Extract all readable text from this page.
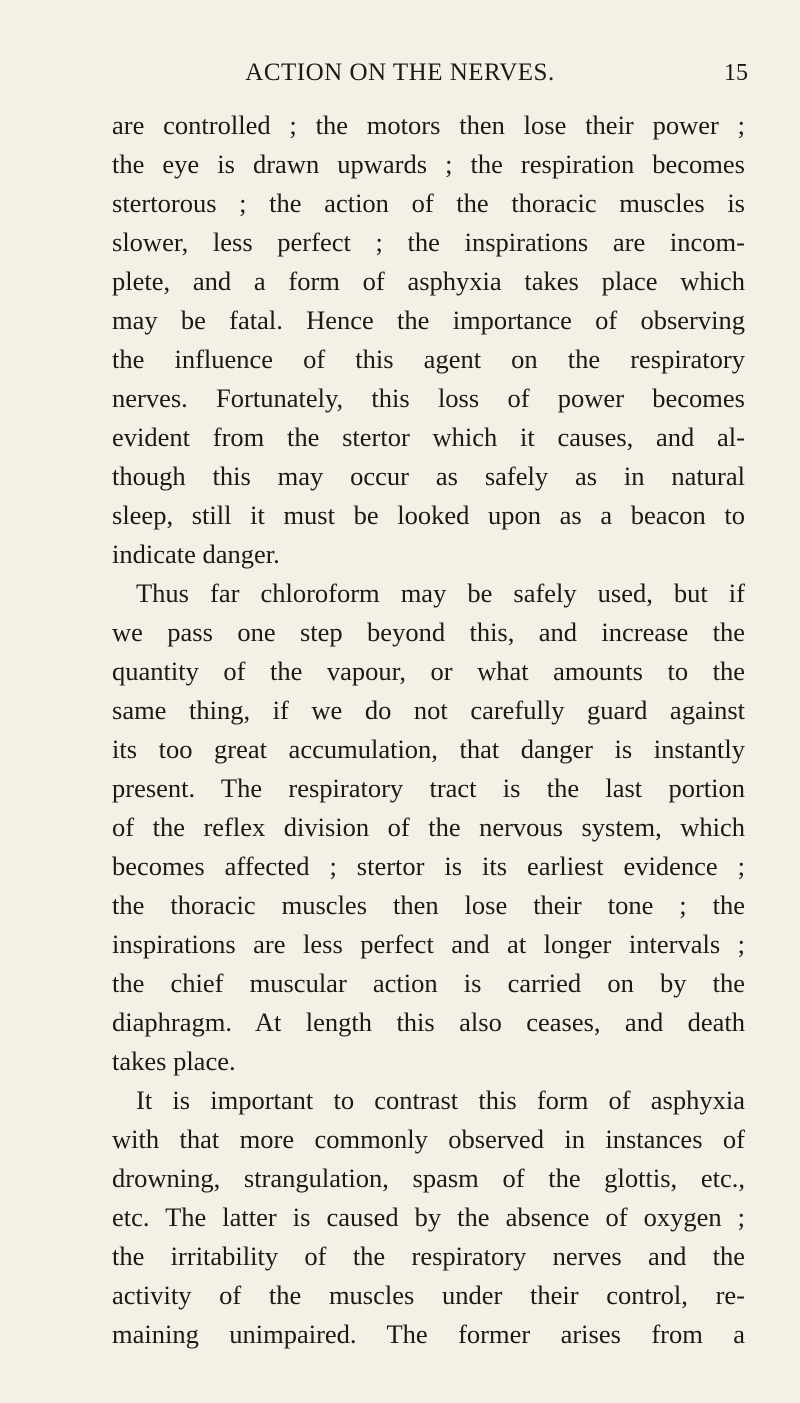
ACTION ON THE NERVES.	15
are controlled ; the motors then lose their power ;
the eye is drawn upwards ; the respiration becomes
stertorous ; the action of the thoracic muscles is
slower, less perfect ; the inspirations are incom-
plete, and a form of asphyxia takes place which
may be fatal. Hence the importance of observing
the influence of this agent on the respiratory
nerves. Fortunately, this loss of power becomes
evident from the stertor which it causes, and al-
though this may occur as safely as in natural
sleep, still it must be looked upon as a beacon to
indicate danger.
Thus far chloroform may be safely used, but if
we pass one step beyond this, and increase the
quantity of the vapour, or what amounts to the
same thing, if we do not carefully guard against
its too great accumulation, that danger is instantly
present. The respiratory tract is the last portion
of the reflex division of the nervous system, which
becomes affected ; stertor is its earliest evidence ;
the thoracic muscles then lose their tone ; the
inspirations are less perfect and at longer intervals ;
the chief muscular action is carried on by the
diaphragm. At length this also ceases, and death
takes place.
It is important to contrast this form of asphyxia
with that more commonly observed in instances of
drowning, strangulation, spasm of the glottis, etc.,
etc. The latter is caused by the absence of oxygen ;
the irritability of the respiratory nerves and the
activity of the muscles under their control, re-
maining unimpaired. The former arises from a
